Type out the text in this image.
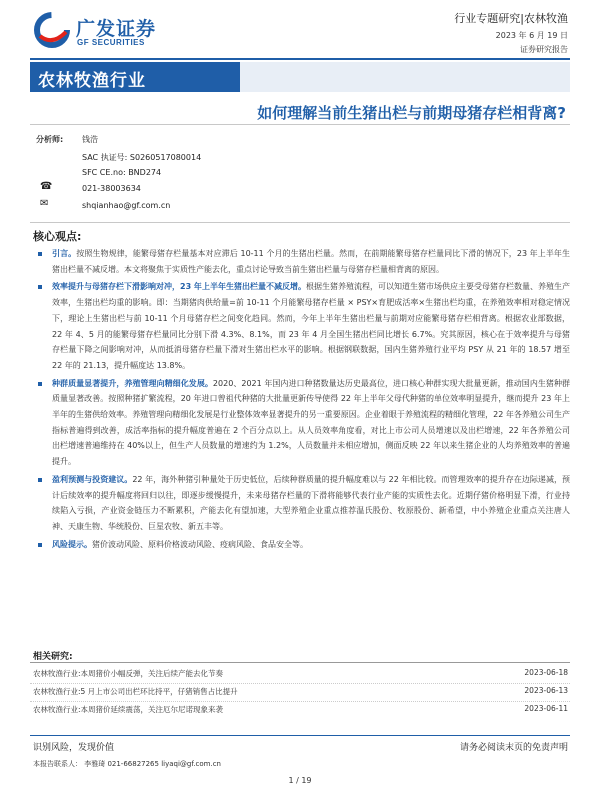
广发证券
GF SECURITIES
行业专题研究|农林牧渔
2023 年 6 月 19 日
证券研究报告
农林牧渔行业
如何理解当前生猪出栏与前期母猪存栏相背离?
分析师: 钱浩
SAC 执证号: S0260517080014
SFC CE.no: BND274
☎	021-38003634
✉	shqianhao@gf.com.cn
核心观点:
引言。按照生物规律，能繁母猪存栏量基本对应滞后 10-11 个月的生猪出栏量。然而，在前期能繁母猪存栏量同比下滑的情况下，23 年上半年生猪出栏量不减反增。本文将聚焦于实质性产能去化，重点讨论导致当前生猪出栏量与母猪存栏量相背离的原因。
效率提升与母猪存栏下滑影响对冲，23 年上半年生猪出栏量不减反增。根据生猪养殖流程，可以知道生猪市场供应主要受母猪存栏数量、养殖生产效率，生猪出栏均重的影响。即：当期猪肉供给量=前 10-11 个月能繁母猪存栏量 × PSY×育肥成活率×生猪出栏均重，在养殖效率相对稳定情况下，理论上生猪出栏与前 10-11 个月母猪存栏之间变化趋同。然而，今年上半年生猪出栏量与前期对应能繁母猪存栏相背离。根据农业部数据，22 年 4、5 月的能繁母猪存栏量同比分别下滑 4.3%、8.1%，而 23 年 4 月全国生猪出栏同比增长 6.7%。究其原因，核心在于效率提升与母猪存栏量下降之间影响对冲，从而抵消母猪存栏量下滑对生猪出栏水平的影响。根据钢联数据，国内生猪养殖行业平均 PSY 从 21 年的 18.57 增至 22 年的 21.13，提升幅度达 13.8%。
种群质量显著提升，养殖管理向精细化发展。2020、2021 年国内进口种猪数量达历史最高位，进口核心种群实现大批量更新，推动国内生猪种群质量显著改善。按照种猪扩繁流程，20 年进口曾祖代种猪的大批量更新传导使得 22 年上半年父母代种猪的单位效率明显提升，继而提升 23 年上半年的生猪供给效率。养殖管理向精细化发展是行业整体效率显著提升的另一重要原因。企业着眼于养殖流程的精细化管理，22 年各养殖公司生产指标普遍得到改善，成活率指标的提升幅度普遍在 2 个百分点以上。从人员效率角度看，对比上市公司人员增速以及出栏增速，22 年各养殖公司出栏增速普遍维持在 40%以上，但生产人员数量的增速约为 1.2%，人员数量并未相应增加，侧面反映 22 年以来生猪企业的人均养殖效率的普遍提升。
盈利预测与投资建议。22 年，海外种猪引种量处于历史低位，后续种群质量的提升幅度难以与 22 年相比较。而管理效率的提升存在边际递减，预计后续效率的提升幅度将回归以往，即逐步缓慢提升，未来母猪存栏量的下滑将能够代表行业产能的实质性去化。近期仔猪价格明显下滑，行业持续陷入亏损，产业资金链压力不断累积，产能去化有望加速，大型养殖企业重点推荐温氏股份、牧原股份、新希望，中小养殖企业重点关注唐人神、天康生物、华统股份、巨星农牧、新五丰等。
风险提示。猪价波动风险、原料价格波动风险、疫病风险、食品安全等。
相关研究:
农林牧渔行业:本周猪价小幅反弹，关注后续产能去化节奏	2023-06-18
农林牧渔行业:5 月上市公司出栏环比持平，仔猪销售占比提升	2023-06-13
农林牧渔行业:本周猪价延续震荡，关注厄尔尼诺现象来袭	2023-06-11
识别风险，发现价值	请务必阅读末页的免责声明
本报告联系人： 李雅琦 021-66827265 liyaqi@gf.com.cn
1 / 19
